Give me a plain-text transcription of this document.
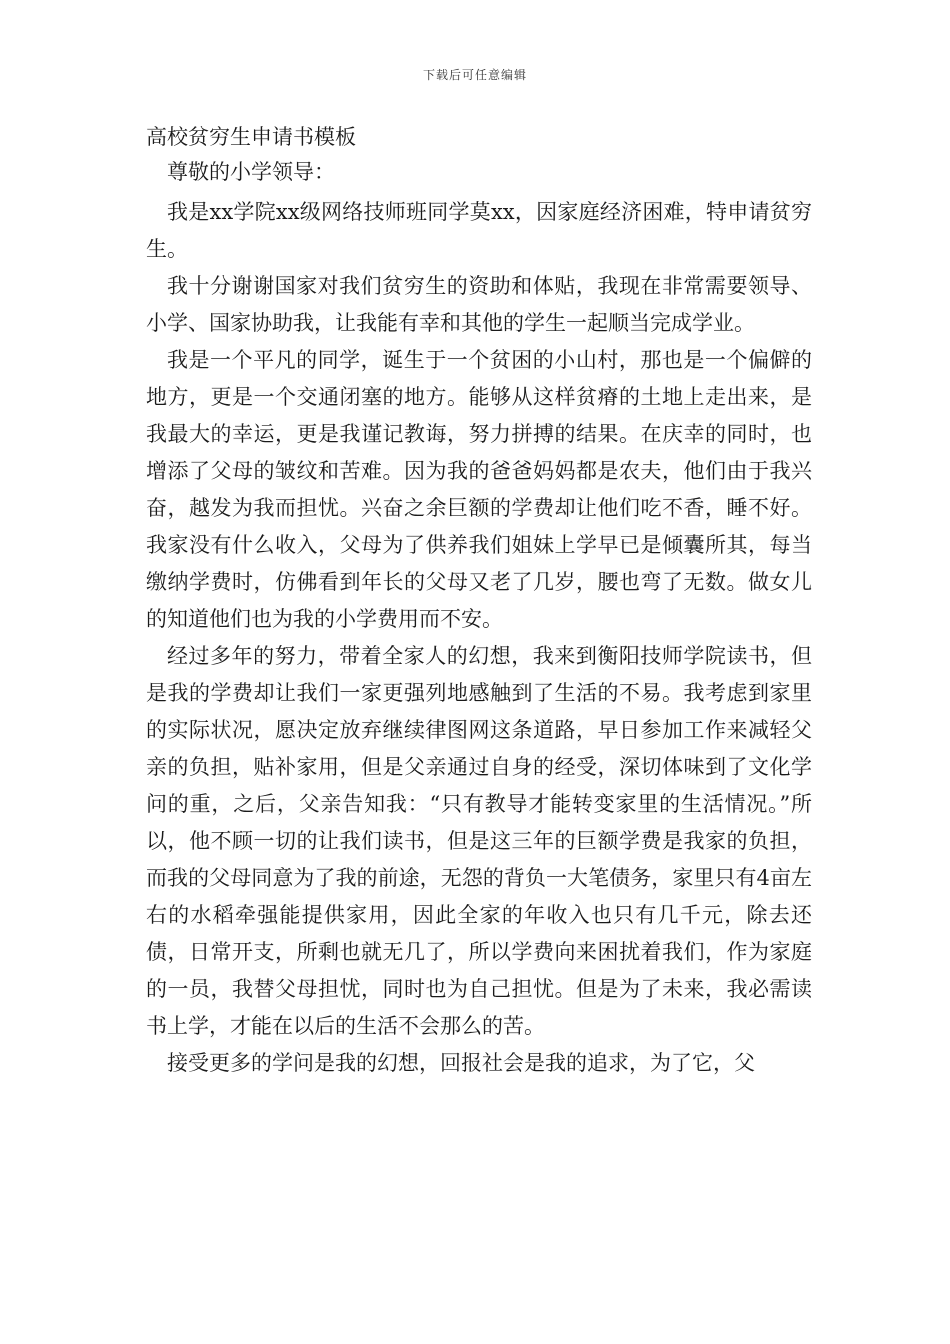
下载后可任意编辑
高校贫穷生申请书模板
尊敬的小学领导：

我是xx学院xx级网络技师班同学莫xx，因家庭经济困难，特申请贫穷生。

我十分谢谢国家对我们贫穷生的资助和体贴，我现在非常需要领导、小学、国家协助我，让我能有幸和其他的学生一起顺当完成学业。

我是一个平凡的同学，诞生于一个贫困的小山村，那也是一个偏僻的地方，更是一个交通闭塞的地方。能够从这样贫瘠的土地上走出来，是我最大的幸运，更是我谨记教诲，努力拼搏的结果。在庆幸的同时，也增添了父母的皱纹和苦难。因为我的爸爸妈妈都是农夫，他们由于我兴奋，越发为我而担忧。兴奋之余巨额的学费却让他们吃不香，睡不好。我家没有什么收入，父母为了供养我们姐妹上学早已是倾囊所其，每当缴纳学费时，仿佛看到年长的父母又老了几岁，腰也弯了无数。做女儿的知道他们也为我的小学费用而不安。

经过多年的努力，带着全家人的幻想，我来到衡阳技师学院读书，但是我的学费却让我们一家更强列地感触到了生活的不易。我考虑到家里的实际状况，愿决定放弃继续律图网这条道路，早日参加工作来减轻父亲的负担，贴补家用，但是父亲通过自身的经受，深切体味到了文化学问的重，之后，父亲告知我：“只有教导才能转变家里的生活情况。”所以，他不顾一切的让我们读书，但是这三年的巨额学费是我家的负担，而我的父母同意为了我的前途，无怨的背负一大笔债务，家里只有4亩左右的水稻牵强能提供家用，因此全家的年收入也只有几千元，除去还债，日常开支，所剩也就无几了，所以学费向来困扰着我们，作为家庭的一员，我替父母担忧，同时也为自己担忧。但是为了未来，我必需读书上学，才能在以后的生活不会那么的苦。

接受更多的学问是我的幻想，回报社会是我的追求，为了它，父
